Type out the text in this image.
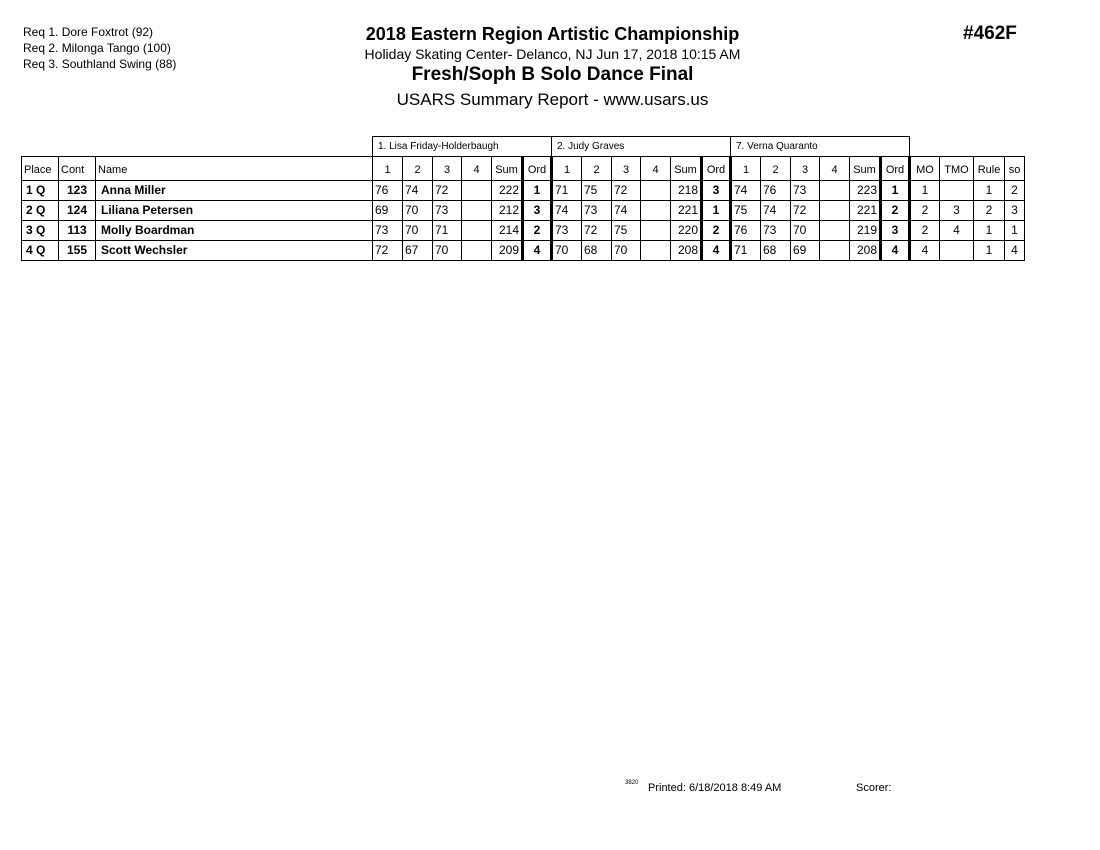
Req 1. Dore Foxtrot (92)
Req 2. Milonga Tango (100)
Req 3. Southland Swing (88)
2018 Eastern Region Artistic Championship
Holiday Skating Center- Delanco, NJ Jun 17, 2018 10:15 AM
Fresh/Soph B Solo Dance Final
USARS Summary Report - www.usars.us
#462F
			1. Lisa Friday-Holderbaugh						2. Judy Graves						7. Verna Quaranto									
Place	Cont	Name	1	2	3	4	Sum	Ord	1	2	3	4	Sum	Ord	1	2	3	4	Sum	Ord	MO	TMO	Rule	so
1 Q	123	Anna Miller	76	74	72		222	1	71	75	72		218	3	74	76	73		223	1	1		1	2
2 Q	124	Liliana Petersen	69	70	73		212	3	74	73	74		221	1	75	74	72		221	2	2	3	2	3
3 Q	113	Molly Boardman	73	70	71		214	2	73	72	75		220	2	76	73	70		219	3	2	4	1	1
4 Q	155	Scott Wechsler	72	67	70		209	4	70	68	70		208	4	71	68	69		208	4	4		1	4
3820 Printed: 6/18/2018 8:49 AM	Scorer:
